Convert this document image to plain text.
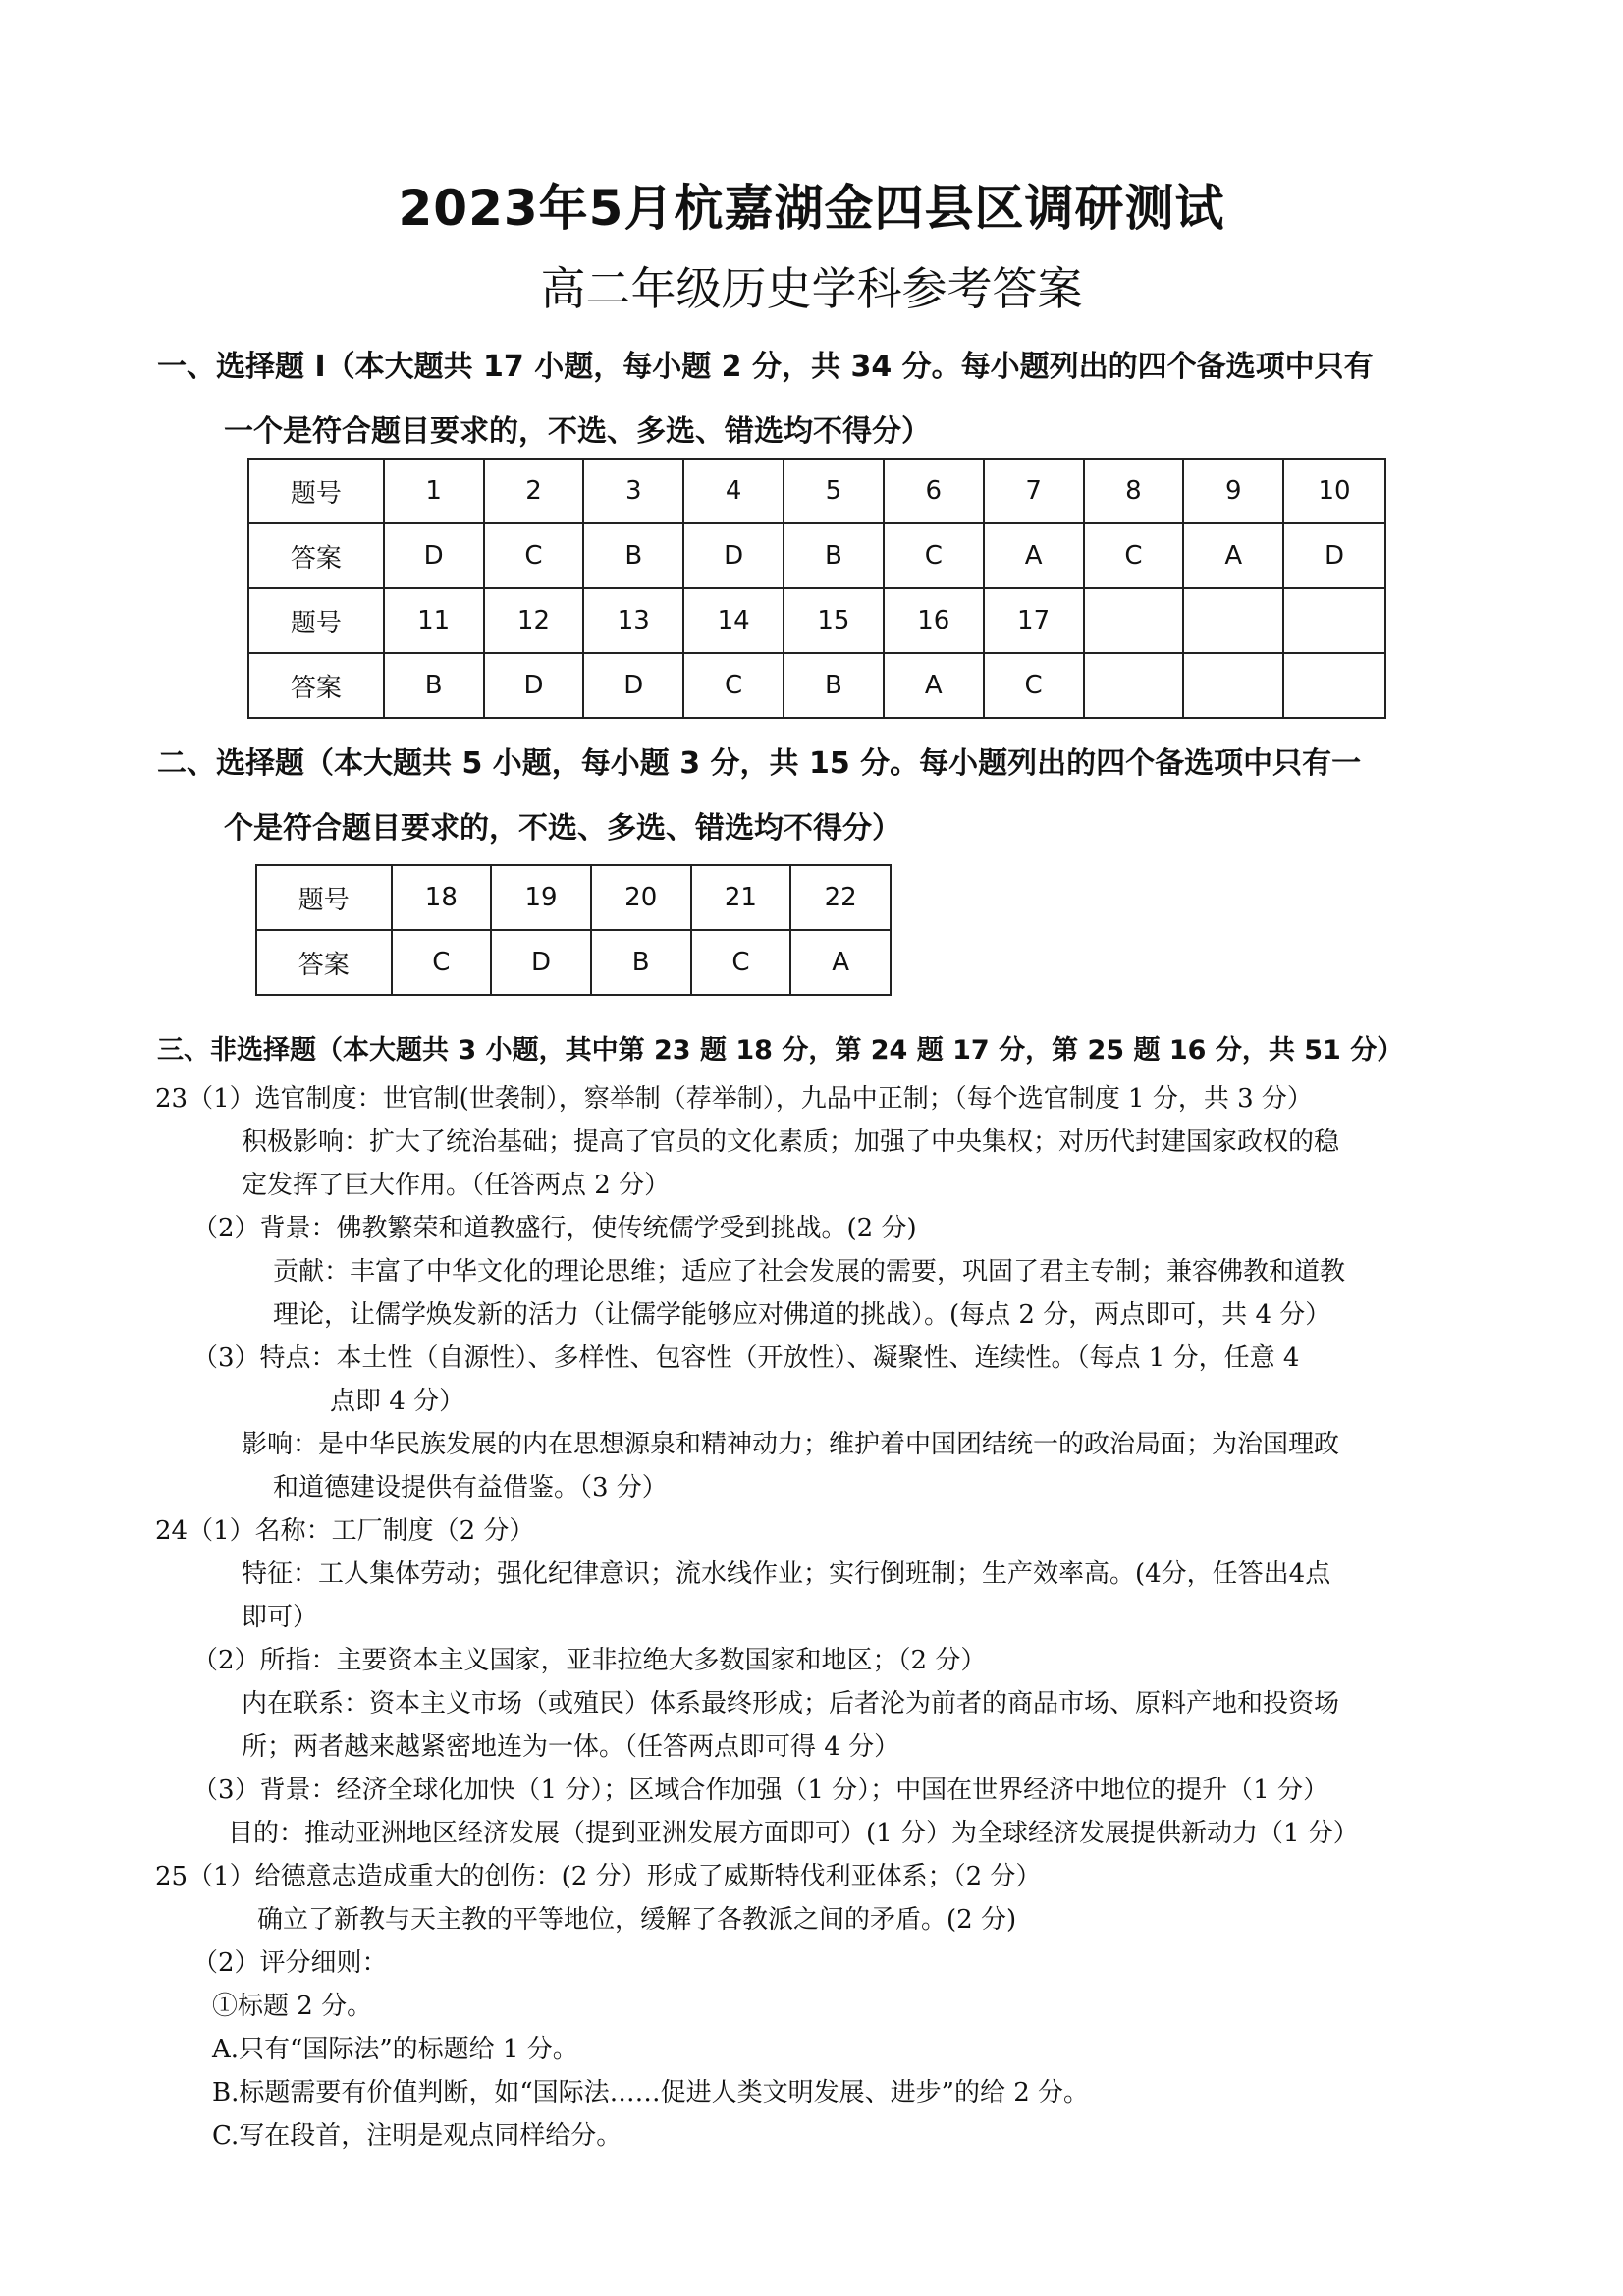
2023年5月杭嘉湖金四县区调研测试
高二年级历史学科参考答案
一、选择题 I（本大题共 17 小题，每小题 2 分，共 34 分。每小题列出的四个备选项中只有
一个是符合题目要求的，不选、多选、错选均不得分）
题号	1	2	3	4	5	6	7	8	9	10
答案	D	C	B	D	B	C	A	C	A	D
题号	11	12	13	14	15	16	17			
答案	B	D	D	C	B	A	C			
二、选择题（本大题共 5 小题，每小题 3 分，共 15 分。每小题列出的四个备选项中只有一
个是符合题目要求的，不选、多选、错选均不得分）
题号	18	19	20	21	22
答案	C	D	B	C	A
三、非选择题（本大题共 3 小题，其中第 23 题 18 分，第 24 题 17 分，第 25 题 16 分，共 51 分）
23（1）选官制度：世官制(世袭制），察举制（荐举制），九品中正制；（每个选官制度 1 分，共 3 分）
积极影响：扩大了统治基础；提高了官员的文化素质；加强了中央集权；对历代封建国家政权的稳
定发挥了巨大作用。（任答两点 2 分）
（2）背景：佛教繁荣和道教盛行，使传统儒学受到挑战。(2 分)
贡献：丰富了中华文化的理论思维；适应了社会发展的需要，巩固了君主专制；兼容佛教和道教
理论，让儒学焕发新的活力（让儒学能够应对佛道的挑战）。(每点 2 分，两点即可，共 4 分）
（3）特点：本土性（自源性）、多样性、包容性（开放性）、凝聚性、连续性。（每点 1 分，任意 4
点即 4 分）
影响：是中华民族发展的内在思想源泉和精神动力；维护着中国团结统一的政治局面；为治国理政
和道德建设提供有益借鉴。（3 分）
24（1）名称：工厂制度（2 分）
特征：工人集体劳动；强化纪律意识；流水线作业；实行倒班制；生产效率高。(4分，任答出4点
即可）
（2）所指：主要资本主义国家，亚非拉绝大多数国家和地区；（2 分）
内在联系：资本主义市场（或殖民）体系最终形成；后者沦为前者的商品市场、原料产地和投资场
所；两者越来越紧密地连为一体。（任答两点即可得 4 分）
（3）背景：经济全球化加快（1 分）；区域合作加强（1 分）；中国在世界经济中地位的提升（1 分）
目的：推动亚洲地区经济发展（提到亚洲发展方面即可）(1 分）为全球经济发展提供新动力（1 分）
25（1）给德意志造成重大的创伤：(2 分）形成了威斯特伐利亚体系；（2 分）
确立了新教与天主教的平等地位，缓解了各教派之间的矛盾。(2 分)
（2）评分细则：
①标题 2 分。
A.只有“国际法”的标题给 1 分。
B.标题需要有价值判断，如“国际法……促进人类文明发展、进步”的给 2 分。
C.写在段首，注明是观点同样给分。
